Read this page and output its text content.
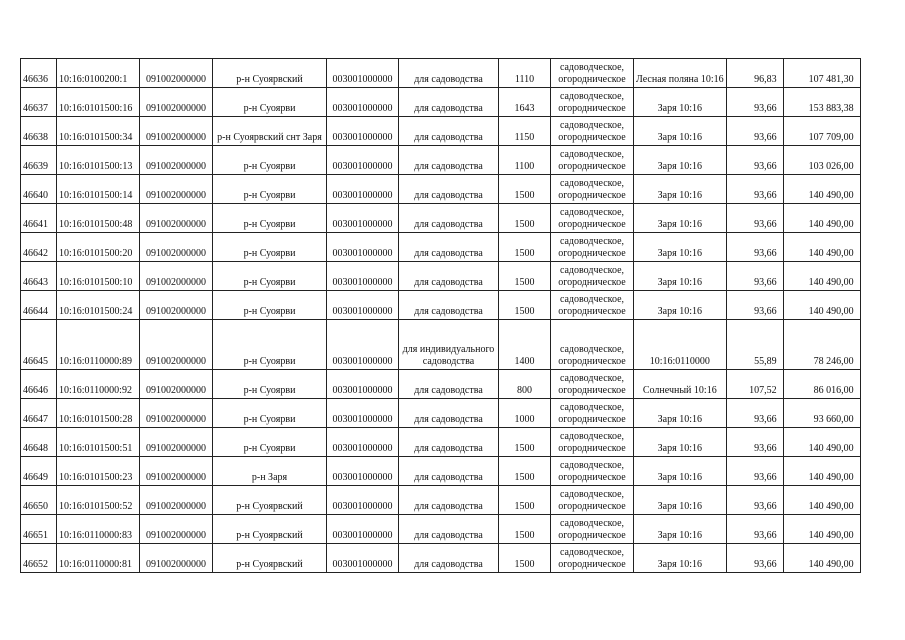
46636	10:16:0100200:1	091002000000	р-н Суоярвский	003001000000	для садоводства	1110	садоводческое, огородническое	Лесная поляна 10:16	96,83	107 481,30
46637	10:16:0101500:16	091002000000	р-н Суоярви	003001000000	для садоводства	1643	садоводческое, огородническое	Заря 10:16	93,66	153 883,38
46638	10:16:0101500:34	091002000000	р-н Суоярвский снт Заря	003001000000	для садоводства	1150	садоводческое, огородническое	Заря 10:16	93,66	107 709,00
46639	10:16:0101500:13	091002000000	р-н Суоярви	003001000000	для садоводства	1100	садоводческое, огородническое	Заря 10:16	93,66	103 026,00
46640	10:16:0101500:14	091002000000	р-н Суоярви	003001000000	для садоводства	1500	садоводческое, огородническое	Заря 10:16	93,66	140 490,00
46641	10:16:0101500:48	091002000000	р-н Суоярви	003001000000	для садоводства	1500	садоводческое, огородническое	Заря 10:16	93,66	140 490,00
46642	10:16:0101500:20	091002000000	р-н Суоярви	003001000000	для садоводства	1500	садоводческое, огородническое	Заря 10:16	93,66	140 490,00
46643	10:16:0101500:10	091002000000	р-н Суоярви	003001000000	для садоводства	1500	садоводческое, огородническое	Заря 10:16	93,66	140 490,00
46644	10:16:0101500:24	091002000000	р-н Суоярви	003001000000	для садоводства	1500	садоводческое, огородническое	Заря 10:16	93,66	140 490,00
46645	10:16:0110000:89	091002000000	р-н Суоярви	003001000000	для индивидуального садоводства	1400	садоводческое, огородническое	10:16:0110000	55,89	78 246,00
46646	10:16:0110000:92	091002000000	р-н Суоярви	003001000000	для садоводства	800	садоводческое, огородническое	Солнечный 10:16	107,52	86 016,00
46647	10:16:0101500:28	091002000000	р-н Суоярви	003001000000	для садоводства	1000	садоводческое, огородническое	Заря 10:16	93,66	93 660,00
46648	10:16:0101500:51	091002000000	р-н Суоярви	003001000000	для садоводства	1500	садоводческое, огородническое	Заря 10:16	93,66	140 490,00
46649	10:16:0101500:23	091002000000	р-н Заря	003001000000	для садоводства	1500	садоводческое, огородническое	Заря 10:16	93,66	140 490,00
46650	10:16:0101500:52	091002000000	р-н Суоярвский	003001000000	для садоводства	1500	садоводческое, огородническое	Заря 10:16	93,66	140 490,00
46651	10:16:0110000:83	091002000000	р-н Суоярвский	003001000000	для садоводства	1500	садоводческое, огородническое	Заря 10:16	93,66	140 490,00
46652	10:16:0110000:81	091002000000	р-н Суоярвский	003001000000	для садоводства	1500	садоводческое, огородническое	Заря 10:16	93,66	140 490,00
